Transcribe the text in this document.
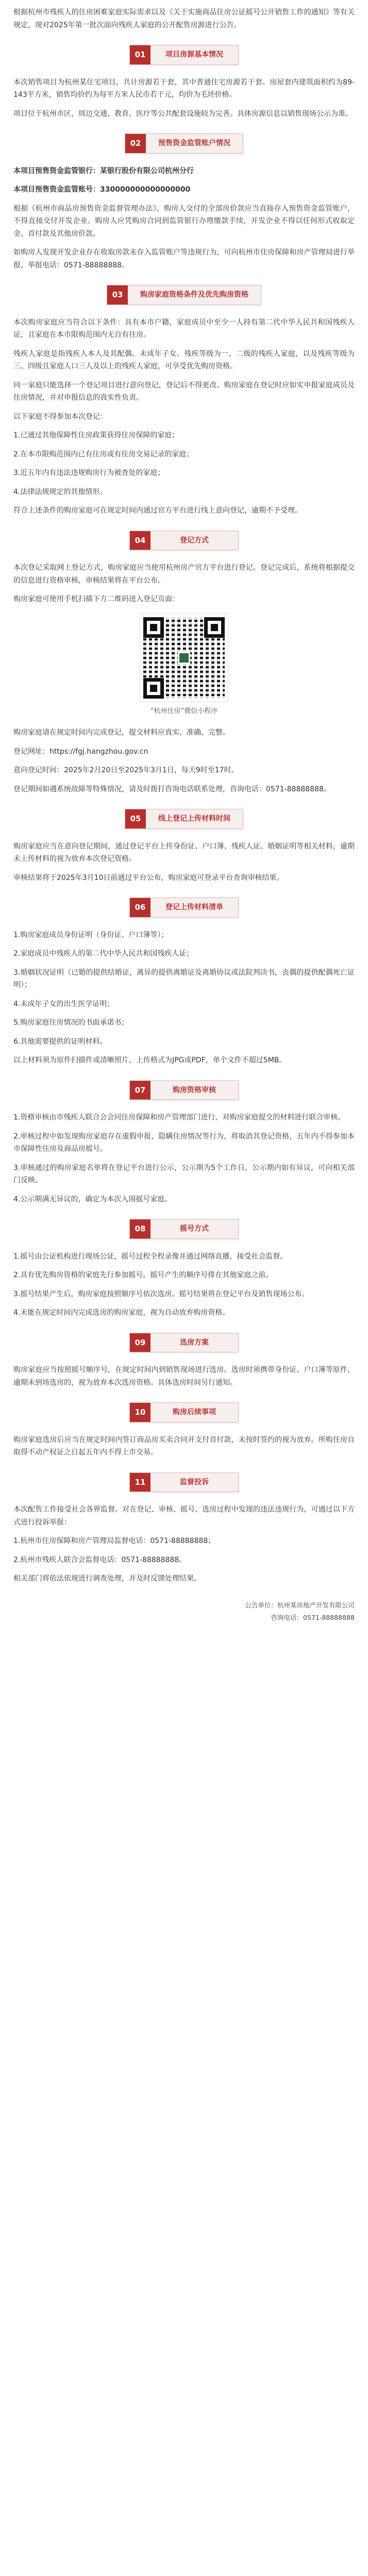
根据杭州市残疾人的住房困难家庭实际需求以及《关于实施商品住房公证摇号公开销售工作的通知》等有关规定，现对2025年第一批次面向残疾人家庭的公开配售房源进行公告。

01	项目房源基本情况

本次销售项目为杭州某住宅项目，共计房源若干套，其中普通住宅房源若干套。房屋套内建筑面积约为89-143平方米，销售均价约为每平方米人民币若干元，均价为毛坯价格。

项目位于杭州市区，周边交通、教育、医疗等公共配套设施较为完善。具体房源信息以销售现场公示为准。

02	预售资金监管账户情况

本项目预售资金监管银行：某银行股份有限公司杭州分行

本项目预售资金监管账号：330000000000000000

根据《杭州市商品房预售资金监督管理办法》，购房人交付的全部房价款应当直接存入预售资金监管账户，不得直接交付开发企业。购房人应凭购房合同到监管银行办理缴款手续，开发企业不得以任何形式收取定金、首付款及其他房价款。

如购房人发现开发企业存在收取房款未存入监管账户等违规行为，可向杭州市住房保障和房产管理局进行举报，举报电话：0571-88888888。

03	购房家庭资格条件及优先购房资格

本次购房家庭应当符合以下条件：具有本市户籍，家庭成员中至少一人持有第二代中华人民共和国残疾人证，且家庭在本市限购范围内无自有住房。

残疾人家庭是指残疾人本人及其配偶、未成年子女。残疾等级为一、二级的残疾人家庭，以及残疾等级为三、四级且家庭人口三人及以上的残疾人家庭，可享受优先购房资格。

同一家庭只能选择一个登记项目进行意向登记，登记后不得更改。购房家庭在登记时应如实申报家庭成员及住房情况，并对申报信息的真实性负责。

以下家庭不得参加本次登记：

1.已通过其他保障性住房政策获得住房保障的家庭；

2.在本市限购范围内已有住房或有住房交易记录的家庭；

3.近五年内有违法违规购房行为被查处的家庭；

4.法律法规规定的其他情形。

符合上述条件的购房家庭可在规定时间内通过官方平台进行线上意向登记，逾期不予受理。

04	登记方式

本次登记采取网上登记方式，购房家庭应当使用杭州房产官方平台进行登记。登记完成后，系统将根据提交的信息进行资格审核，审核结果将在平台公布。

购房家庭可使用手机扫描下方二维码进入登记页面：

“杭州住房”微信小程序

购房家庭请在规定时间内完成登记，提交材料应真实、准确、完整。

登记网址：https://fgj.hangzhou.gov.cn

意向登记时间：2025年2月20日至2025年3月1日，每天9时至17时。

登记期间如遇系统故障等特殊情况，请及时拨打咨询电话联系处理，咨询电话：0571-88888888。

05	线上登记上传材料时间

购房家庭应当在意向登记期间，通过登记平台上传身份证、户口簿、残疾人证、婚姻证明等相关材料，逾期未上传材料的视为放弃本次登记资格。

审核结果将于2025年3月10日前通过平台公布，购房家庭可登录平台查询审核结果。

06	登记上传材料清单

1.购房家庭成员身份证明（身份证、户口簿等）；

2.家庭成员中残疾人的第二代中华人民共和国残疾人证；

3.婚姻状况证明（已婚的提供结婚证，离异的提供离婚证及离婚协议或法院判决书，丧偶的提供配偶死亡证明）；

4.未成年子女的出生医学证明；

5.购房家庭住房情况的书面承诺书；

6.其他需要提供的证明材料。

以上材料须为原件扫描件或清晰照片，上传格式为JPG或PDF，单个文件不超过5MB。

07	购房资格审核

1.资格审核由市残疾人联合会会同住房保障和房产管理部门进行，对购房家庭提交的材料进行联合审核。

2.审核过程中如发现购房家庭存在虚假申报、隐瞒住房情况等行为，将取消其登记资格，五年内不得参加本市保障性住房及商品房摇号。

3.审核通过的购房家庭名单将在登记平台进行公示，公示期为5个工作日，公示期内如有异议，可向相关部门反映。

4.公示期满无异议的，确定为本次入围摇号家庭。

08	摇号方式

1.摇号由公证机构进行现场公证，摇号过程全程录像并通过网络直播，接受社会监督。

2.具有优先购房资格的家庭先行参加摇号，摇号产生的顺序号排在其他家庭之前。

3.摇号结果产生后，购房家庭按照顺序号依次选房。摇号结果将在登记平台及销售现场公布。

4.未能在规定时间内完成选房的购房家庭，视为自动放弃购房资格。

09	选房方案

购房家庭应当按照摇号顺序号，在规定时间内到销售现场进行选房。选房时须携带身份证、户口簿等原件，逾期未到场选房的，视为放弃本次选房资格。具体选房时间另行通知。

10	购房后续事项

购房家庭选房后应当在规定时间内签订商品房买卖合同并支付首付款，未按时签约的视为放弃。所购住房自取得不动产权证之日起五年内不得上市交易。

11	监督投诉

本次配售工作接受社会各界监督。对在登记、审核、摇号、选房过程中发现的违法违规行为，可通过以下方式进行投诉举报：

1.杭州市住房保障和房产管理局监督电话：0571-88888888；

2.杭州市残疾人联合会监督电话：0571-88888888。

相关部门将依法依规进行调查处理，并及时反馈处理结果。

公告单位：杭州某房地产开发有限公司

咨询电话：0571-88888888
